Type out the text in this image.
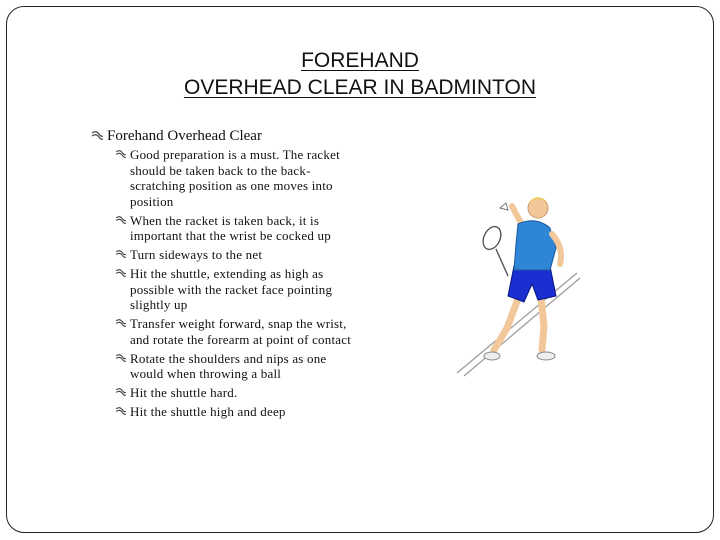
FOREHAND
OVERHEAD CLEAR IN BADMINTON
Forehand Overhead Clear
Good preparation is a must. The racket should be taken back to the back-scratching position as one moves into position
When the racket is taken back, it is important that the wrist be cocked up
Turn sideways to the net
Hit the shuttle, extending as high as possible with the racket face pointing slightly up
Transfer weight forward, snap the wrist, and rotate the forearm at point of contact
Rotate the shoulders and nips as one would when throwing a ball
Hit the shuttle hard.
Hit the shuttle high and deep
